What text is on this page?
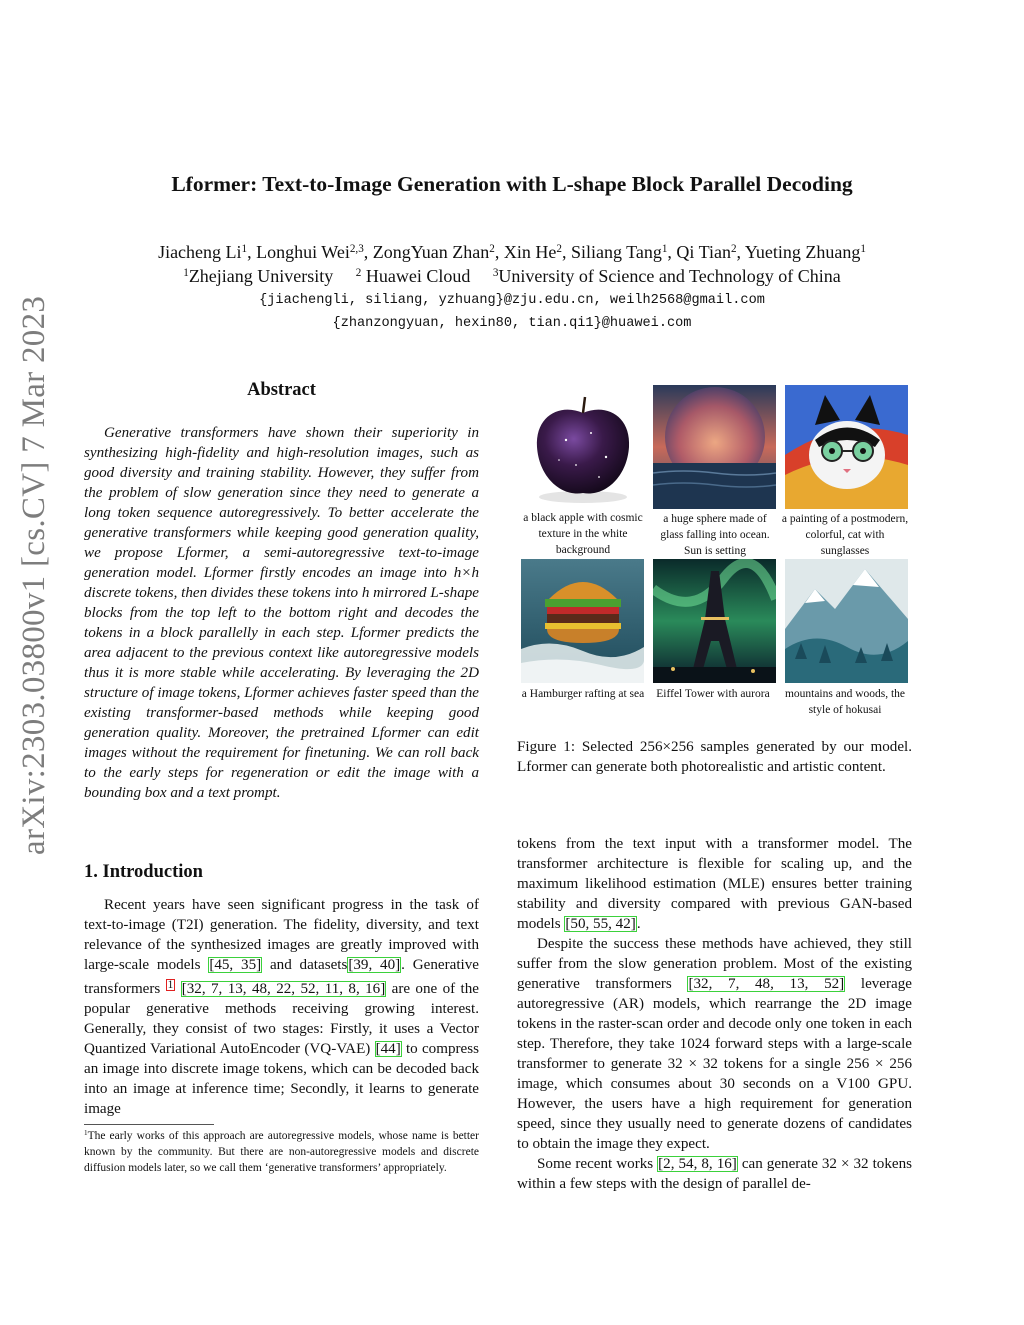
arXiv:2303.03800v1 [cs.CV] 7 Mar 2023
Lformer: Text-to-Image Generation with L-shape Block Parallel Decoding
Jiacheng Li$^1$, Longhui Wei$^{2,3}$, ZongYuan Zhan$^2$, Xin He$^2$, Siliang Tang$^1$, Qi Tian$^2$, Yueting Zhuang$^1$
$^1$Zhejiang University $^2$ Huawei Cloud $^3$University of Science and Technology of China
{jiachengli, siliang, yzhuang}@zju.edu.cn, weilh2568@gmail.com
{zhanzongyuan, hexin80, tian.qi1}@huawei.com
Abstract

Generative transformers have shown their superiority in synthesizing high-fidelity and high-resolution images, such as good diversity and training stability. However, they suffer from the problem of slow generation since they need to generate a long token sequence autoregressively. To better accelerate the generative transformers while keeping good generation quality, we propose Lformer, a semi-autoregressive text-to-image generation model. Lformer firstly encodes an image into h×h discrete tokens, then divides these tokens into h mirrored L-shape blocks from the top left to the bottom right and decodes the tokens in a block parallelly in each step. Lformer predicts the area adjacent to the previous context like autoregressive models thus it is more stable while accelerating. By leveraging the 2D structure of image tokens, Lformer achieves faster speed than the existing transformer-based methods while keeping good generation quality. Moreover, the pretrained Lformer can edit images without the requirement for finetuning. We can roll back to the early steps for regeneration or edit the image with a bounding box and a text prompt.

1. Introduction

Recent years have seen significant progress in the task of text-to-image (T2I) generation. The fidelity, diversity, and text relevance of the synthesized images are greatly improved with large-scale models [45, 35] and datasets[39, 40]. Generative transformers $^1$ [32, 7, 13, 48, 22, 52, 11, 8, 16] are one of the popular generative methods receiving growing interest. Generally, they consist of two stages: Firstly, it uses a Vector Quantized Variational AutoEncoder (VQ-VAE) [44] to compress an image into discrete image tokens, which can be decoded back into an image at inference time; Secondly, it learns to generate image

$^1$The early works of this approach are autoregressive models, whose name is better known by the community. But there are non-autoregressive models and discrete diffusion models later, so we call them ‘generative transformers’ appropriately.
a black apple with cosmic texture in the white background
a huge sphere made of glass falling into ocean. Sun is setting
a painting of a postmodern, colorful, cat with sunglasses
a Hamburger rafting at sea	Eiffel Tower with aurora	mountains and woods, the style of hokusai
Figure 1: Selected 256×256 samples generated by our model. Lformer can generate both photorealistic and artistic content.

tokens from the text input with a transformer model. The transformer architecture is flexible for scaling up, and the maximum likelihood estimation (MLE) ensures better training stability and diversity compared with previous GAN-based models [50, 55, 42].

Despite the success these methods have achieved, they still suffer from the slow generation problem. Most of the existing generative transformers [32, 7, 48, 13, 52] leverage autoregressive (AR) models, which rearrange the 2D image tokens in the raster-scan order and decode only one token in each step. Therefore, they take 1024 forward steps with a large-scale transformer to generate 32 × 32 tokens for a single 256 × 256 image, which consumes about 30 seconds on a V100 GPU. However, the users have a high requirement for generation speed, since they usually need to generate dozens of candidates to obtain the image they expect.

Some recent works [2, 54, 8, 16] can generate 32 × 32 tokens within a few steps with the design of parallel de-
